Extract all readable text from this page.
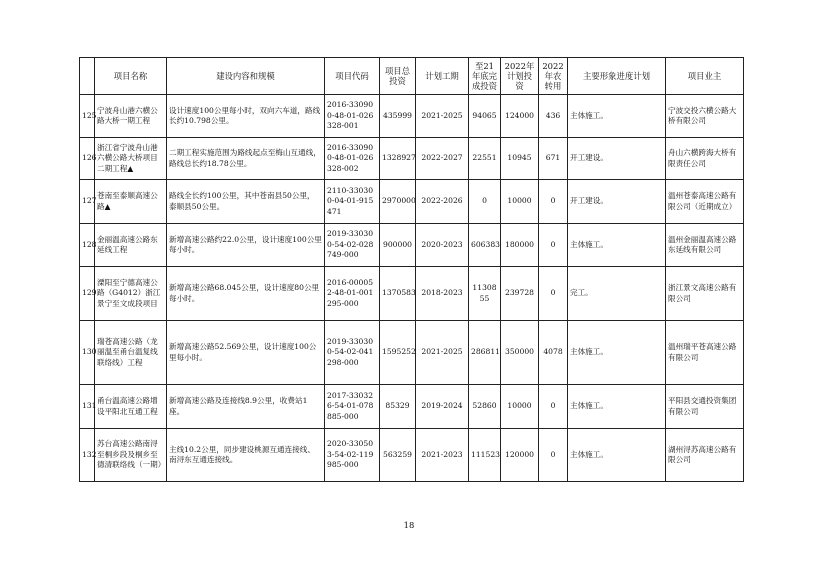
	项目名称	建设内容和规模	项目代码	项目总投资	计划工期	至21年底完成投资	2022年计划投资	2022年农转用	主要形象进度计划	项目业主
125	宁波舟山港六横公路大桥一期工程	设计速度100公里每小时，双向六车道，路线长约10.798公里。	2016-330900-48-01-026328-001	435999	2021-2025	94065	124000	436	主体施工。	宁波交投六横公路大桥有限公司
126	浙江省宁波舟山港六横公路大桥项目二期工程▲	二期工程实施范围为路线起点至梅山互通线，路线总长约18.78公里。	2016-330900-48-01-026328-002	1328927	2022-2027	22551	10945	671	开工建设。	舟山六横跨海大桥有限责任公司
127	苍南至泰顺高速公路▲	路线全长约100公里，其中苍南县50公里，泰顺县50公里。	2110-330300-04-01-915471	2970000	2022-2026	0	10000	0	开工建设。	温州苍泰高速公路有限公司（近期成立）
128	金丽温高速公路东延线工程	新增高速公路约22.0公里，设计速度100公里每小时。	2019-330300-54-02-028749-000	900000	2020-2023	606383	180000	0	主体施工。	温州金丽温高速公路东延线有限公司
129	溧阳至宁德高速公路（G4012）浙江景宁至文成段项目	新增高速公路68.045公里，设计速度80公里每小时。	2016-000052-48-01-001295-000	1370583	2018-2023	1130855	239728	0	完工。	浙江景文高速公路有限公司
130	瑞苍高速公路（龙丽温至甬台温复线联络线）工程	新增高速公路52.569公里，设计速度100公里每小时。	2019-330300-54-02-041298-000	1595252	2021-2025	286811	350000	4078	主体施工。	温州瑞平苍高速公路有限公司
131	甬台温高速公路增设平阳北互通工程	新增高速公路及连接线8.9公里，收费站1座。	2017-330326-54-01-078885-000	85329	2019-2024	52860	10000	0	主体施工。	平阳县交通投资集团有限公司
132	苏台高速公路南浔至桐乡段及桐乡至德清联络线（一期）	主线10.2公里，同步建设桃源互通连接线、南浔东互通连接线。	2020-330503-54-02-119985-000	563259	2021-2023	111523	120000	0	主体施工。	湖州浔苏高速公路有限公司
18
